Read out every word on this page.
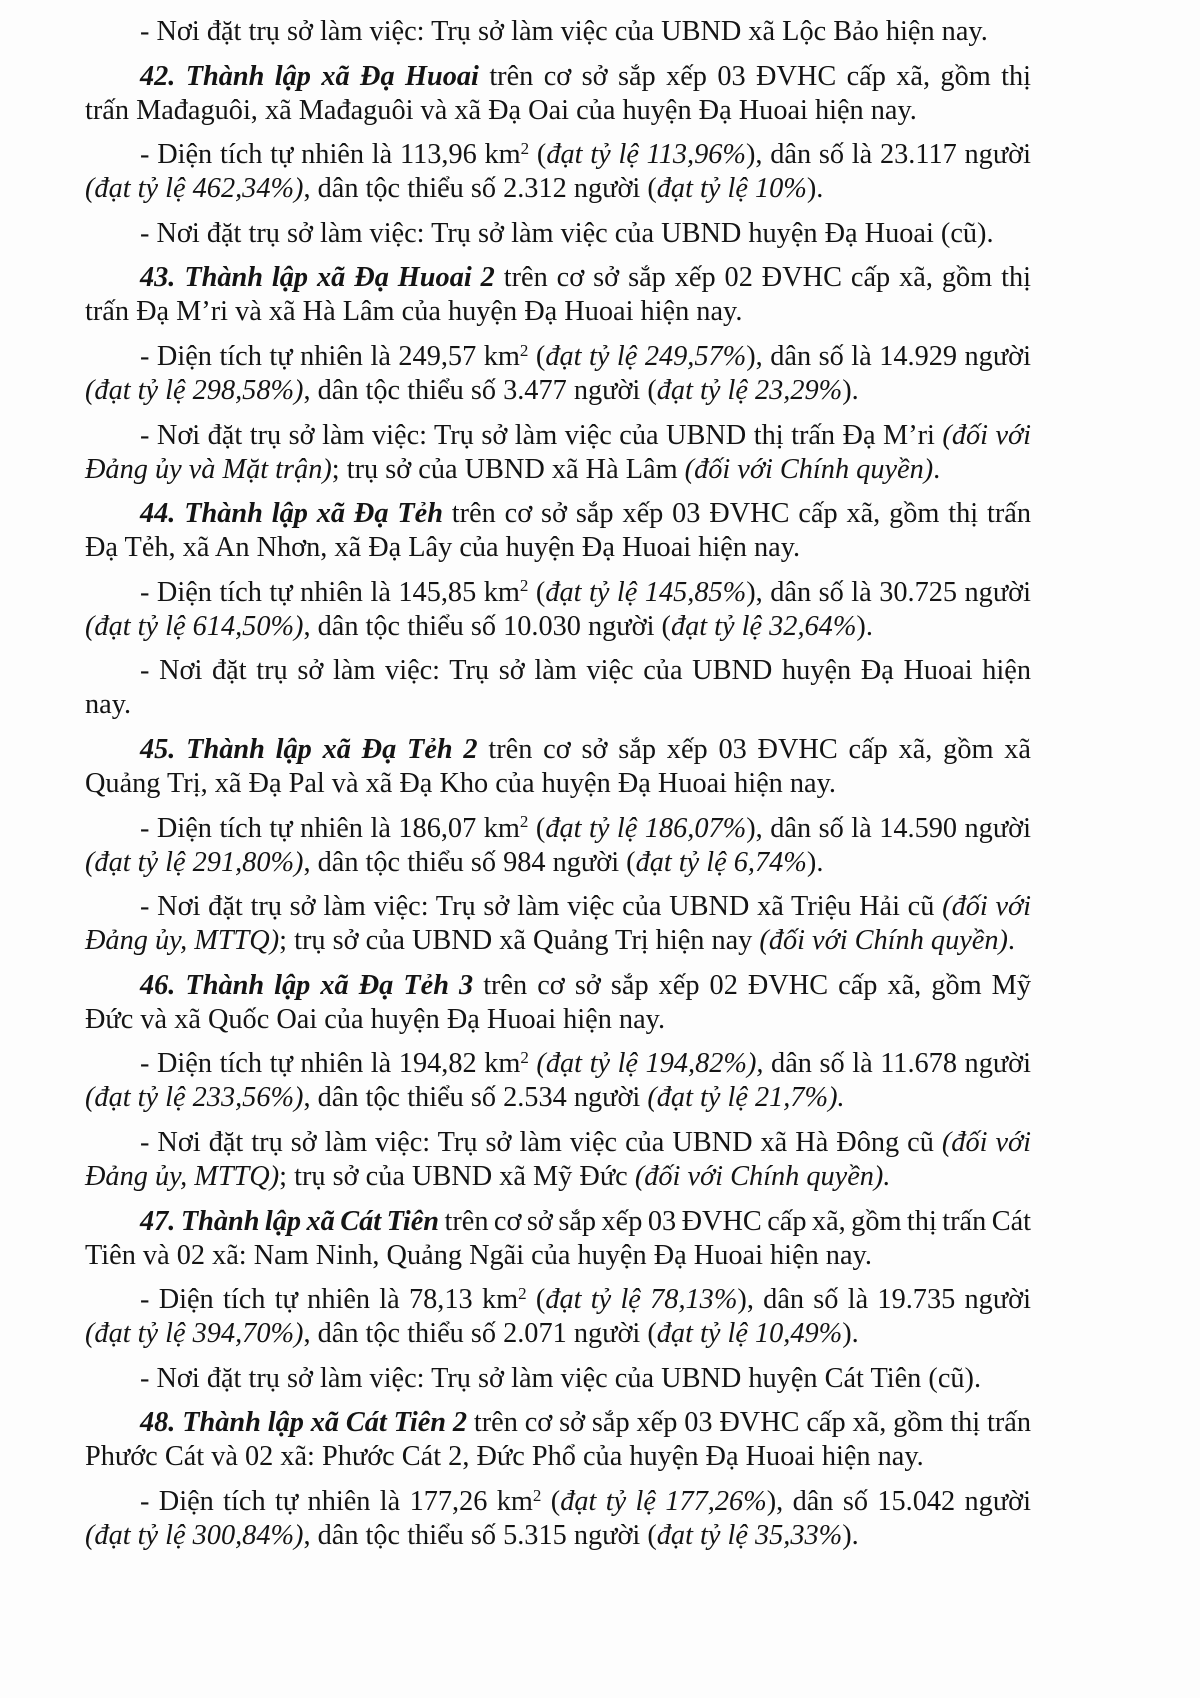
- Nơi đặt trụ sở làm việc: Trụ sở làm việc của UBND xã Lộc Bảo hiện nay.
42. Thành lập xã Đạ Huoai trên cơ sở sắp xếp 03 ĐVHC cấp xã, gồm thị
trấn Mađaguôi, xã Mađaguôi và xã Đạ Oai của huyện Đạ Huoai hiện nay.
- Diện tích tự nhiên là 113,96 $km^2$ (đạt tỷ lệ 113,96%), dân số là 23.117 người
(đạt tỷ lệ 462,34%), dân tộc thiểu số 2.312 người (đạt tỷ lệ 10%).
- Nơi đặt trụ sở làm việc: Trụ sở làm việc của UBND huyện Đạ Huoai (cũ).
43. Thành lập xã Đạ Huoai 2 trên cơ sở sắp xếp 02 ĐVHC cấp xã, gồm thị
trấn Đạ M’ri và xã Hà Lâm của huyện Đạ Huoai hiện nay.
- Diện tích tự nhiên là 249,57 $km^2$ (đạt tỷ lệ 249,57%), dân số là 14.929 người
(đạt tỷ lệ 298,58%), dân tộc thiểu số 3.477 người (đạt tỷ lệ 23,29%).
- Nơi đặt trụ sở làm việc: Trụ sở làm việc của UBND thị trấn Đạ M’ri (đối với
Đảng ủy và Mặt trận); trụ sở của UBND xã Hà Lâm (đối với Chính quyền).
44. Thành lập xã Đạ Tẻh trên cơ sở sắp xếp 03 ĐVHC cấp xã, gồm thị trấn
Đạ Tẻh, xã An Nhơn, xã Đạ Lây của huyện Đạ Huoai hiện nay.
- Diện tích tự nhiên là 145,85 $km^2$ (đạt tỷ lệ 145,85%), dân số là 30.725 người
(đạt tỷ lệ 614,50%), dân tộc thiểu số 10.030 người (đạt tỷ lệ 32,64%).
- Nơi đặt trụ sở làm việc: Trụ sở làm việc của UBND huyện Đạ Huoai hiện
nay.
45. Thành lập xã Đạ Tẻh 2 trên cơ sở sắp xếp 03 ĐVHC cấp xã, gồm xã
Quảng Trị, xã Đạ Pal và xã Đạ Kho của huyện Đạ Huoai hiện nay.
- Diện tích tự nhiên là 186,07 $km^2$ (đạt tỷ lệ 186,07%), dân số là 14.590 người
(đạt tỷ lệ 291,80%), dân tộc thiểu số 984 người (đạt tỷ lệ 6,74%).
- Nơi đặt trụ sở làm việc: Trụ sở làm việc của UBND xã Triệu Hải cũ (đối với
Đảng ủy, MTTQ); trụ sở của UBND xã Quảng Trị hiện nay (đối với Chính quyền).
46. Thành lập xã Đạ Tẻh 3 trên cơ sở sắp xếp 02 ĐVHC cấp xã, gồm Mỹ
Đức và xã Quốc Oai của huyện Đạ Huoai hiện nay.
- Diện tích tự nhiên là 194,82 $km^2$ (đạt tỷ lệ 194,82%), dân số là 11.678 người
(đạt tỷ lệ 233,56%), dân tộc thiểu số 2.534 người (đạt tỷ lệ 21,7%).
- Nơi đặt trụ sở làm việc: Trụ sở làm việc của UBND xã Hà Đông cũ (đối với
Đảng ủy, MTTQ); trụ sở của UBND xã Mỹ Đức (đối với Chính quyền).
47. Thành lập xã Cát Tiên trên cơ sở sắp xếp 03 ĐVHC cấp xã, gồm thị trấn Cát
Tiên và 02 xã: Nam Ninh, Quảng Ngãi của huyện Đạ Huoai hiện nay.
- Diện tích tự nhiên là 78,13 $km^2$ (đạt tỷ lệ 78,13%), dân số là 19.735 người
(đạt tỷ lệ 394,70%), dân tộc thiểu số 2.071 người (đạt tỷ lệ 10,49%).
- Nơi đặt trụ sở làm việc: Trụ sở làm việc của UBND huyện Cát Tiên (cũ).
48. Thành lập xã Cát Tiên 2 trên cơ sở sắp xếp 03 ĐVHC cấp xã, gồm thị trấn
Phước Cát và 02 xã: Phước Cát 2, Đức Phổ của huyện Đạ Huoai hiện nay.
- Diện tích tự nhiên là 177,26 $km^2$ (đạt tỷ lệ 177,26%), dân số 15.042 người
(đạt tỷ lệ 300,84%), dân tộc thiểu số 5.315 người (đạt tỷ lệ 35,33%).
